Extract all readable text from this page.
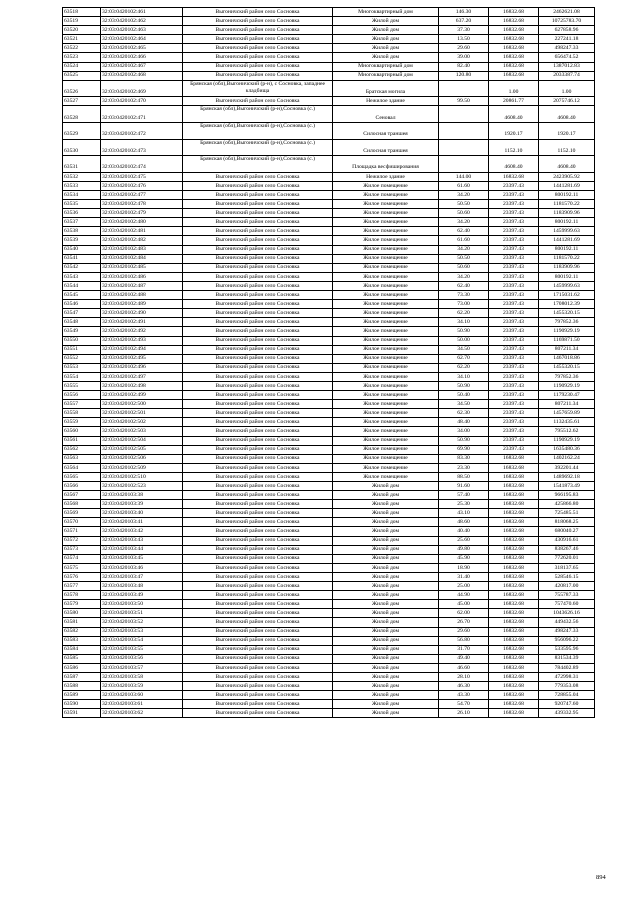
63518	32:03:0420102:461	Выгоничский район село Сосновка	Многоквартирный дом	146.30	16832.68	2462621.08
63519	32:03:0420102:462	Выгоничский район село Сосновка	Жилой дом	637.20	16832.68	10725783.70
63520	32:03:0420102:463	Выгоничский район село Сосновка	Жилой дом	37.30	16832.68	627858.96
63521	32:03:0420102:464	Выгоничский район село Сосновка	Жилой дом	13.50	16832.68	227241.18
63522	32:03:0420102:465	Выгоничский район село Сосновка	Жилой дом	29.60	16832.68	498247.33
63523	32:03:0420102:466	Выгоничский район село Сосновка	Жилой дом	39.00	16832.68	656474.52
63524	32:03:0420102:467	Выгоничский район село Сосновка	Многоквартирный дом	82.40	16832.68	1387012.83
63525	32:03:0420102:468	Выгоничский район село Сосновка	Многоквартирный дом	120.80	16832.68	2033387.74
63526	32:03:0420102:469	Брянская (обл),Выгоничский (р-н), с Сосновка, западнее кладбища	Братская могила		1.00	1.00
63527	32:03:0420102:470	Выгоничский район село Сосновка	Нежилое здание	99.50	20861.77	2075746.12
63528	32:03:0420102:471	Брянская (обл),Выгоничский (р-н),Сосновка (с.)	Сеновал		4608.40	4608.40
63529	32:03:0420102:472	Брянская (обл),Выгоничский (р-н),Сосновка (с.)	Силосная траншея		1920.17	1920.17
63530	32:03:0420102:473	Брянская (обл),Выгоничский (р-н),Сосновка (с.)	Силосная траншея		1152.10	1152.10
63531	32:03:0420102:474	Брянская (обл),Выгоничский (р-н),Сосновка (с.)	Площадка весфиширования		4608.40	4608.40
63532	32:03:0420102:475	Выгоничский район село Сосновка	Нежилое здание	144.00	16832.68	2423905.92
63533	32:03:0420102:476	Выгоничский район село Сосновка	Жилое помещение	61.60	23397.43	1441281.69
63534	32:03:0420102:477	Выгоничский район село Сосновка	Жилое помещение	34.20	23397.43	800192.11
63535	32:03:0420102:478	Выгоничский район село Сосновка	Жилое помещение	50.50	23397.43	1181570.22
63536	32:03:0420102:479	Выгоничский район село Сосновка	Жилое помещение	50.60	23397.43	1183909.96
63537	32:03:0420102:480	Выгоничский район село Сосновка	Жилое помещение	34.20	23397.43	800192.11
63538	32:03:0420102:481	Выгоничский район село Сосновка	Жилое помещение	62.40	23397.43	1459999.63
63539	32:03:0420102:482	Выгоничский район село Сосновка	Жилое помещение	61.60	23397.43	1441281.69
63540	32:03:0420102:483	Выгоничский район село Сосновка	Жилое помещение	34.20	23397.43	800192.11
63541	32:03:0420102:484	Выгоничский район село Сосновка	Жилое помещение	50.50	23397.43	1181570.22
63542	32:03:0420102:485	Выгоничский район село Сосновка	Жилое помещение	50.60	23397.43	1183909.96
63543	32:03:0420102:486	Выгоничский район село Сосновка	Жилое помещение	34.20	23397.43	800192.11
63544	32:03:0420102:487	Выгоничский район село Сосновка	Жилое помещение	62.40	23397.43	1459999.63
63545	32:03:0420102:488	Выгоничский район село Сосновка	Жилое помещение	73.30	23397.43	1715031.62
63546	32:03:0420102:489	Выгоничский район село Сосновка	Жилое помещение	73.00	23397.43	1708012.39
63547	32:03:0420102:490	Выгоничский район село Сосновка	Жилое помещение	62.20	23397.43	1455320.15
63548	32:03:0420102:491	Выгоничский район село Сосновка	Жилое помещение	34.10	23397.43	797852.36
63549	32:03:0420102:492	Выгоничский район село Сосновка	Жилое помещение	50.90	23397.43	1190929.19
63550	32:03:0420102:493	Выгоничский район село Сосновка	Жилое помещение	50.00	23397.43	1169871.50
63551	32:03:0420102:494	Выгоничский район село Сосновка	Жилое помещение	34.50	23397.43	807211.34
63552	32:03:0420102:495	Выгоничский район село Сосновка	Жилое помещение	62.70	23397.43	1467018.86
63553	32:03:0420102:496	Выгоничский район село Сосновка	Жилое помещение	62.20	23397.43	1455320.15
63554	32:03:0420102:497	Выгоничский район село Сосновка	Жилое помещение	34.10	23397.43	797852.36
63555	32:03:0420102:498	Выгоничский район село Сосновка	Жилое помещение	50.90	23397.43	1190929.19
63556	32:03:0420102:499	Выгоничский район село Сосновка	Жилое помещение	50.40	23397.43	1179230.47
63557	32:03:0420102:500	Выгоничский район село Сосновка	Жилое помещение	34.50	23397.43	807211.34
63558	32:03:0420102:501	Выгоничский район село Сосновка	Жилое помещение	62.30	23397.43	1457659.89
63559	32:03:0420102:502	Выгоничский район село Сосновка	Жилое помещение	48.40	23397.43	1132435.61
63560	32:03:0420102:503	Выгоничский район село Сосновка	Жилое помещение	34.00	23397.43	795512.62
63561	32:03:0420102:504	Выгоничский район село Сосновка	Жилое помещение	50.90	23397.43	1190929.19
63562	32:03:0420102:505	Выгоничский район село Сосновка	Жилое помещение	69.90	23397.43	1635480.36
63563	32:03:0420102:506	Выгоничский район село Сосновка	Жилое помещение	83.30	16832.68	1402162.24
63564	32:03:0420102:509	Выгоничский район село Сосновка	Жилое помещение	23.30	16832.68	392201.44
63565	32:03:0420102:510	Выгоничский район село Сосновка	Жилое помещение	88.50	16832.68	1489692.18
63566	32:03:0420102:523	Выгоничский район село Сосновка	Жилой дом	91.60	16832.68	1541873.49
63567	32:03:0420103:38	Выгоничский район село Сосновка	Жилой дом	57.40	16832.68	966195.83
63568	32:03:0420103:39	Выгоничский район село Сосновка	Жилой дом	25.30	16832.68	425866.80
63569	32:03:0420103:40	Выгоничский район село Сосновка	Жилой дом	43.10	16832.68	725485.51
63570	32:03:0420103:41	Выгоничский район село Сосновка	Жилой дом	48.60	16832.68	818068.25
63571	32:03:0420103:42	Выгоничский район село Сосновка	Жилой дом	40.40	16832.68	680040.27
63572	32:03:0420103:43	Выгоничский район село Сосновка	Жилой дом	25.60	16832.68	430916.61
63573	32:03:0420103:44	Выгоничский район село Сосновка	Жилой дом	49.80	16832.68	838267.46
63574	32:03:0420103:45	Выгоничский район село Сосновка	Жилой дом	45.90	16832.68	772620.01
63575	32:03:0420103:46	Выгоничский район село Сосновка	Жилой дом	18.90	16832.68	318137.65
63576	32:03:0420103:47	Выгоничский район село Сосновка	Жилой дом	31.40	16832.68	528546.15
63577	32:03:0420103:48	Выгоничский район село Сосновка	Жилой дом	25.00	16832.68	420817.00
63578	32:03:0420103:49	Выгоничский район село Сосновка	Жилой дом	44.90	16832.68	755787.33
63579	32:03:0420103:50	Выгоничский район село Сосновка	Жилой дом	45.00	16832.68	757470.60
63580	32:03:0420103:51	Выгоничский район село Сосновка	Жилой дом	62.00	16832.68	1043626.16
63581	32:03:0420103:52	Выгоничский район село Сосновка	Жилой дом	26.70	16832.68	449432.56
63582	32:03:0420103:53	Выгоничский район село Сосновка	Жилой дом	29.60	16832.68	498247.33
63583	32:03:0420103:54	Выгоничский район село Сосновка	Жилой дом	56.80	16832.68	956096.22
63584	32:03:0420103:55	Выгоничский район село Сосновка	Жилой дом	31.70	16832.68	533595.96
63585	32:03:0420103:56	Выгоничский район село Сосновка	Жилой дом	49.40	16832.68	831534.39
63586	32:03:0420103:57	Выгоничский район село Сосновка	Жилой дом	46.60	16832.68	784402.89
63587	32:03:0420103:58	Выгоничский район село Сосновка	Жилой дом	28.10	16832.68	472998.31
63588	32:03:0420103:59	Выгоничский район село Сосновка	Жилой дом	46.30	16832.68	779353.08
63589	32:03:0420103:60	Выгоничский район село Сосновка	Жилой дом	43.30	16832.68	728855.04
63590	32:03:0420103:61	Выгоничский район село Сосновка	Жилой дом	54.70	16832.68	920747.60
63591	32:03:0420103:62	Выгоничский район село Сосновка	Жилой дом	26.10	16832.68	439332.95
894
